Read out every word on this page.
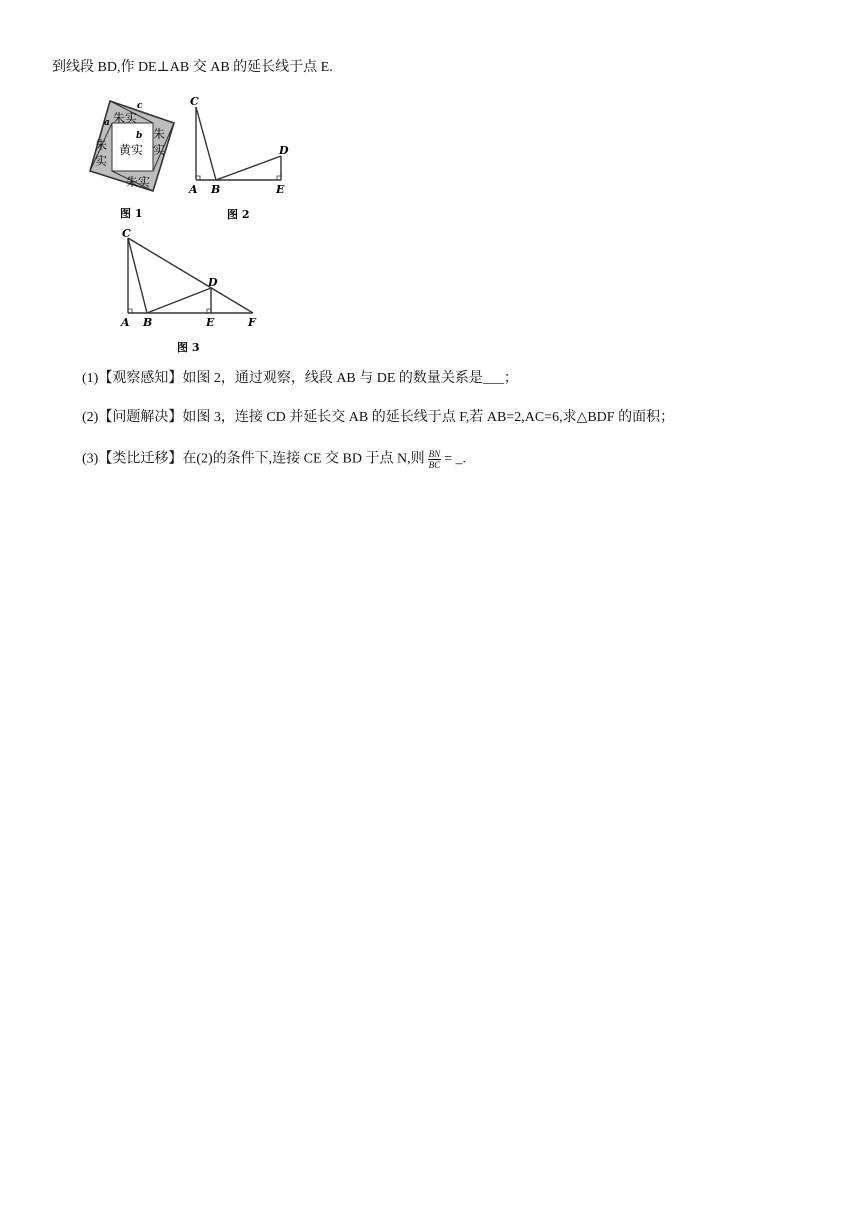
到线段 BD,作 DE⊥AB 交 AB 的延长线于点 E.
c
a
b
朱实
朱
实
黄实
朱
实
朱实
图 1
C
A B
D
E
图 2
C
A B
D
E	F
图 3
(1)【观察感知】如图 2，通过观察，线段 AB 与 DE 的数量关系是___；
(2)【问题解决】如图 3，连接 CD 并延长交 AB 的延长线于点 F,若 AB=2,AC=6,求△BDF 的面积；
(3)【类比迁移】在(2)的条件下,连接 CE 交 BD 于点 N,则 $\frac{BN}{BC}$ = _.
